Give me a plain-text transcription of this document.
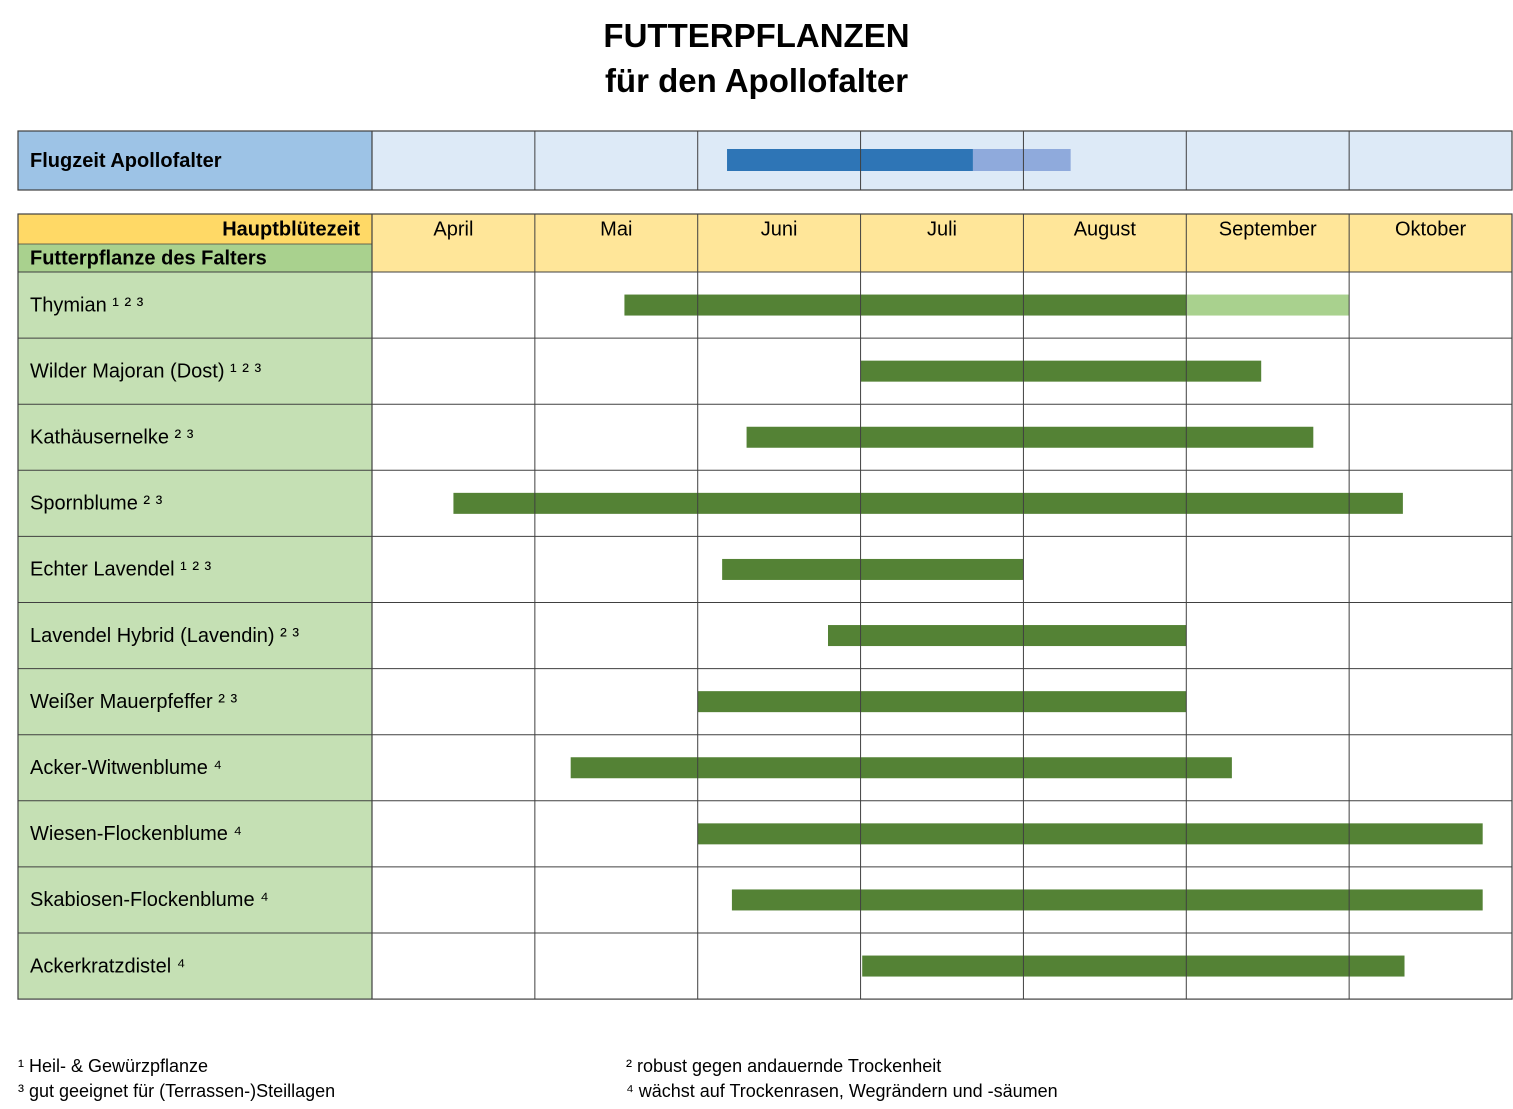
FUTTERPFLANZEN
für den Apollofalter
Flugzeit Apollofalter
Hauptblütezeit
Futterpflanze des Falters
April	Mai	Juni	Juli	August	September	Oktober
Thymian ¹ ² ³
Wilder Majoran (Dost) ¹ ² ³
Kathäusernelke ² ³
Spornblume ² ³
Echter Lavendel ¹ ² ³
Lavendel Hybrid (Lavendin) ² ³
Weißer Mauerpfeffer ² ³
Acker-Witwenblume ⁴
Wiesen-Flockenblume ⁴
Skabiosen-Flockenblume ⁴
Ackerkratzdistel ⁴
¹ Heil- & Gewürzpflanze
³ gut geeignet für (Terrassen-)Steillagen
² robust gegen andauernde Trockenheit
⁴ wächst auf Trockenrasen, Wegrändern und -säumen
